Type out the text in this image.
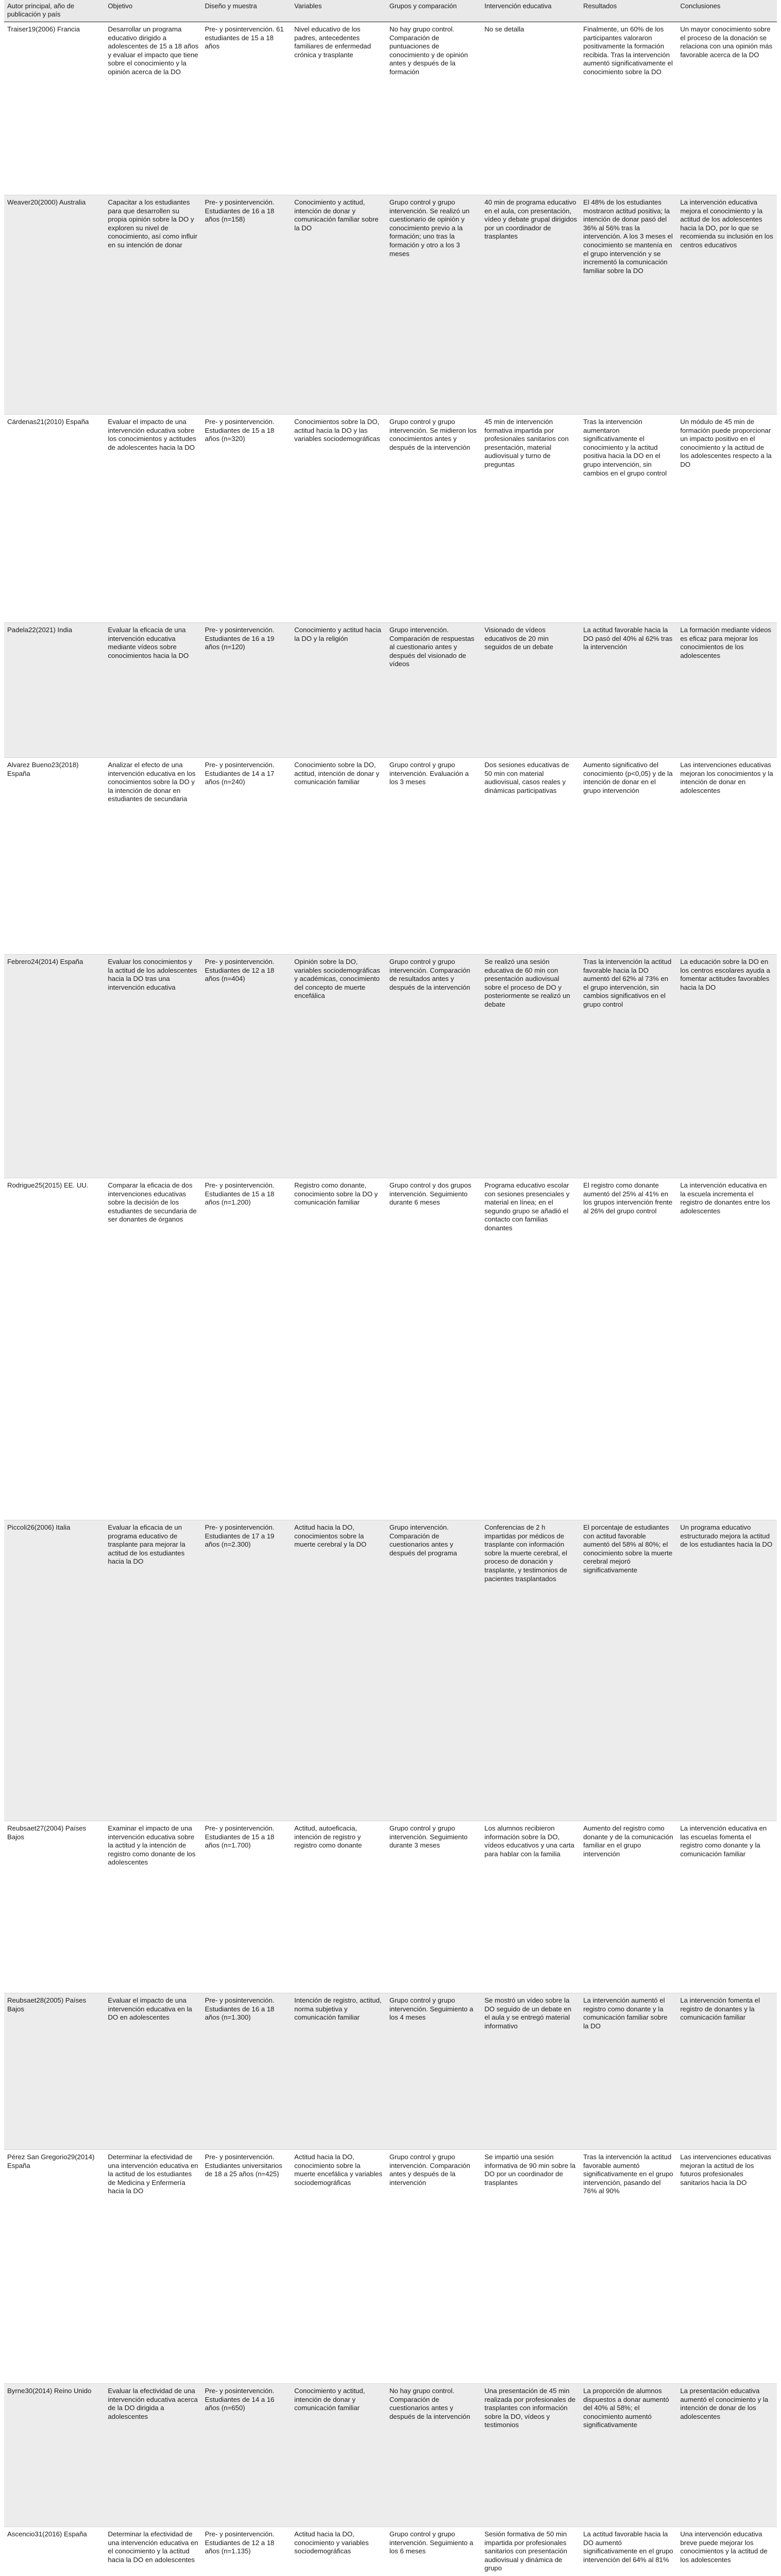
Autor principal, año de publicación y país	Objetivo	Diseño y muestra	Variables	Grupos y comparación	Intervención educativa	Resultados	Conclusiones
Traiser19(2006) Francia	Desarrollar un programa educativo dirigido a adolescentes de 15 a 18 años y evaluar el impacto que tiene sobre el conocimiento y la opinión acerca de la DO	Pre- y posintervención. 61 estudiantes de 15 a 18 años	Nivel educativo de los padres, antecedentes familiares de enfermedad crónica y trasplante	No hay grupo control. Comparación de puntuaciones de conocimiento y de opinión antes y después de la formación	No se detalla	Finalmente, un 60% de los participantes valoraron positivamente la formación recibida. Tras la intervención aumentó significativamente el conocimiento sobre la DO	Un mayor conocimiento sobre el proceso de la donación se relaciona con una opinión más favorable acerca de la DO
Weaver20(2000) Australia	Capacitar a los estudiantes para que desarrollen su propia opinión sobre la DO y exploren su nivel de conocimiento, así como influir en su intención de donar	Pre- y posintervención. Estudiantes de 16 a 18 años (n=158)	Conocimiento y actitud, intención de donar y comunicación familiar sobre la DO	Grupo control y grupo intervención. Se realizó un cuestionario de opinión y conocimiento previo a la formación; uno tras la formación y otro a los 3 meses	40 min de programa educativo en el aula, con presentación, vídeo y debate grupal dirigidos por un coordinador de trasplantes	El 48% de los estudiantes mostraron actitud positiva; la intención de donar pasó del 36% al 56% tras la intervención. A los 3 meses el conocimiento se mantenía en el grupo intervención y se incrementó la comunicación familiar sobre la DO	La intervención educativa mejora el conocimiento y la actitud de los adolescentes hacia la DO, por lo que se recomienda su inclusión en los centros educativos
Cárdenas21(2010) España	Evaluar el impacto de una intervención educativa sobre los conocimientos y actitudes de adolescentes hacia la DO	Pre- y posintervención. Estudiantes de 15 a 18 años (n=320)	Conocimientos sobre la DO, actitud hacia la DO y las variables sociodemográficas	Grupo control y grupo intervención. Se midieron los conocimientos antes y después de la intervención	45 min de intervención formativa impartida por profesionales sanitarios con presentación, material audiovisual y turno de preguntas	Tras la intervención aumentaron significativamente el conocimiento y la actitud positiva hacia la DO en el grupo intervención, sin cambios en el grupo control	Un módulo de 45 min de formación puede proporcionar un impacto positivo en el conocimiento y la actitud de los adolescentes respecto a la DO
Padela22(2021) India	Evaluar la eficacia de una intervención educativa mediante vídeos sobre conocimientos hacia la DO	Pre- y posintervención. Estudiantes de 16 a 19 años (n=120)	Conocimiento y actitud hacia la DO y la religión	Grupo intervención. Comparación de respuestas al cuestionario antes y después del visionado de vídeos	Visionado de vídeos educativos de 20 min seguidos de un debate	La actitud favorable hacia la DO pasó del 40% al 62% tras la intervención	La formación mediante vídeos es eficaz para mejorar los conocimientos de los adolescentes
Alvarez Bueno23(2018) España	Analizar el efecto de una intervención educativa en los conocimientos sobre la DO y la intención de donar en estudiantes de secundaria	Pre- y posintervención. Estudiantes de 14 a 17 años (n=240)	Conocimiento sobre la DO, actitud, intención de donar y comunicación familiar	Grupo control y grupo intervención. Evaluación a los 3 meses	Dos sesiones educativas de 50 min con material audiovisual, casos reales y dinámicas participativas	Aumento significativo del conocimiento (p<0,05) y de la intención de donar en el grupo intervención	Las intervenciones educativas mejoran los conocimientos y la intención de donar en adolescentes
Febrero24(2014) España	Evaluar los conocimientos y la actitud de los adolescentes hacia la DO tras una intervención educativa	Pre- y posintervención. Estudiantes de 12 a 18 años (n=404)	Opinión sobre la DO, variables sociodemográficas y académicas, conocimiento del concepto de muerte encefálica	Grupo control y grupo intervención. Comparación de resultados antes y después de la intervención	Se realizó una sesión educativa de 60 min con presentación audiovisual sobre el proceso de DO y posteriormente se realizó un debate	Tras la intervención la actitud favorable hacia la DO aumentó del 62% al 73% en el grupo intervención, sin cambios significativos en el grupo control	La educación sobre la DO en los centros escolares ayuda a fomentar actitudes favorables hacia la DO
Rodrigue25(2015) EE. UU.	Comparar la eficacia de dos intervenciones educativas sobre la decisión de los estudiantes de secundaria de ser donantes de órganos	Pre- y posintervención. Estudiantes de 15 a 18 años (n=1.200)	Registro como donante, conocimiento sobre la DO y comunicación familiar	Grupo control y dos grupos intervención. Seguimiento durante 6 meses	Programa educativo escolar con sesiones presenciales y material en línea; en el segundo grupo se añadió el contacto con familias donantes	El registro como donante aumentó del 25% al 41% en los grupos intervención frente al 26% del grupo control	La intervención educativa en la escuela incrementa el registro de donantes entre los adolescentes
Piccoli26(2006) Italia	Evaluar la eficacia de un programa educativo de trasplante para mejorar la actitud de los estudiantes hacia la DO	Pre- y posintervención. Estudiantes de 17 a 19 años (n=2.300)	Actitud hacia la DO, conocimientos sobre la muerte cerebral y la DO	Grupo intervención. Comparación de cuestionarios antes y después del programa	Conferencias de 2 h impartidas por médicos de trasplante con información sobre la muerte cerebral, el proceso de donación y trasplante, y testimonios de pacientes trasplantados	El porcentaje de estudiantes con actitud favorable aumentó del 58% al 80%; el conocimiento sobre la muerte cerebral mejoró significativamente	Un programa educativo estructurado mejora la actitud de los estudiantes hacia la DO
Reubsaet27(2004) Países Bajos	Examinar el impacto de una intervención educativa sobre la actitud y la intención de registro como donante de los adolescentes	Pre- y posintervención. Estudiantes de 15 a 18 años (n=1.700)	Actitud, autoeficacia, intención de registro y registro como donante	Grupo control y grupo intervención. Seguimiento durante 3 meses	Los alumnos recibieron información sobre la DO, vídeos educativos y una carta para hablar con la familia	Aumento del registro como donante y de la comunicación familiar en el grupo intervención	La intervención educativa en las escuelas fomenta el registro como donante y la comunicación familiar
Reubsaet28(2005) Países Bajos	Evaluar el impacto de una intervención educativa en la DO en adolescentes	Pre- y posintervención. Estudiantes de 16 a 18 años (n=1.300)	Intención de registro, actitud, norma subjetiva y comunicación familiar	Grupo control y grupo intervención. Seguimiento a los 4 meses	Se mostró un vídeo sobre la DO seguido de un debate en el aula y se entregó material informativo	La intervención aumentó el registro como donante y la comunicación familiar sobre la DO	La intervención fomenta el registro de donantes y la comunicación familiar
Pérez San Gregorio29(2014) España	Determinar la efectividad de una intervención educativa en la actitud de los estudiantes de Medicina y Enfermería hacia la DO	Pre- y posintervención. Estudiantes universitarios de 18 a 25 años (n=425)	Actitud hacia la DO, conocimiento sobre la muerte encefálica y variables sociodemográficas	Grupo control y grupo intervención. Comparación antes y después de la intervención	Se impartió una sesión informativa de 90 min sobre la DO por un coordinador de trasplantes	Tras la intervención la actitud favorable aumentó significativamente en el grupo intervención, pasando del 76% al 90%	Las intervenciones educativas mejoran la actitud de los futuros profesionales sanitarios hacia la DO
Byrne30(2014) Reino Unido	Evaluar la efectividad de una intervención educativa acerca de la DO dirigida a adolescentes	Pre- y posintervención. Estudiantes de 14 a 16 años (n=650)	Conocimiento y actitud, intención de donar y comunicación familiar	No hay grupo control. Comparación de cuestionarios antes y después de la intervención	Una presentación de 45 min realizada por profesionales de trasplantes con información sobre la DO, vídeos y testimonios	La proporción de alumnos dispuestos a donar aumentó del 40% al 58%; el conocimiento aumentó significativamente	La presentación educativa aumentó el conocimiento y la intención de donar de los adolescentes
Ascencio31(2016) España	Determinar la efectividad de una intervención educativa en el conocimiento y la actitud hacia la DO en adolescentes	Pre- y posintervención. Estudiantes de 12 a 18 años (n=1.135)	Actitud hacia la DO, conocimiento y variables sociodemográficas	Grupo control y grupo intervención. Seguimiento a los 6 meses	Sesión formativa de 50 min impartida por profesionales sanitarios con presentación audiovisual y dinámica de grupo	La actitud favorable hacia la DO aumentó significativamente en el grupo intervención del 64% al 81%	Una intervención educativa breve puede mejorar los conocimientos y la actitud de los adolescentes
